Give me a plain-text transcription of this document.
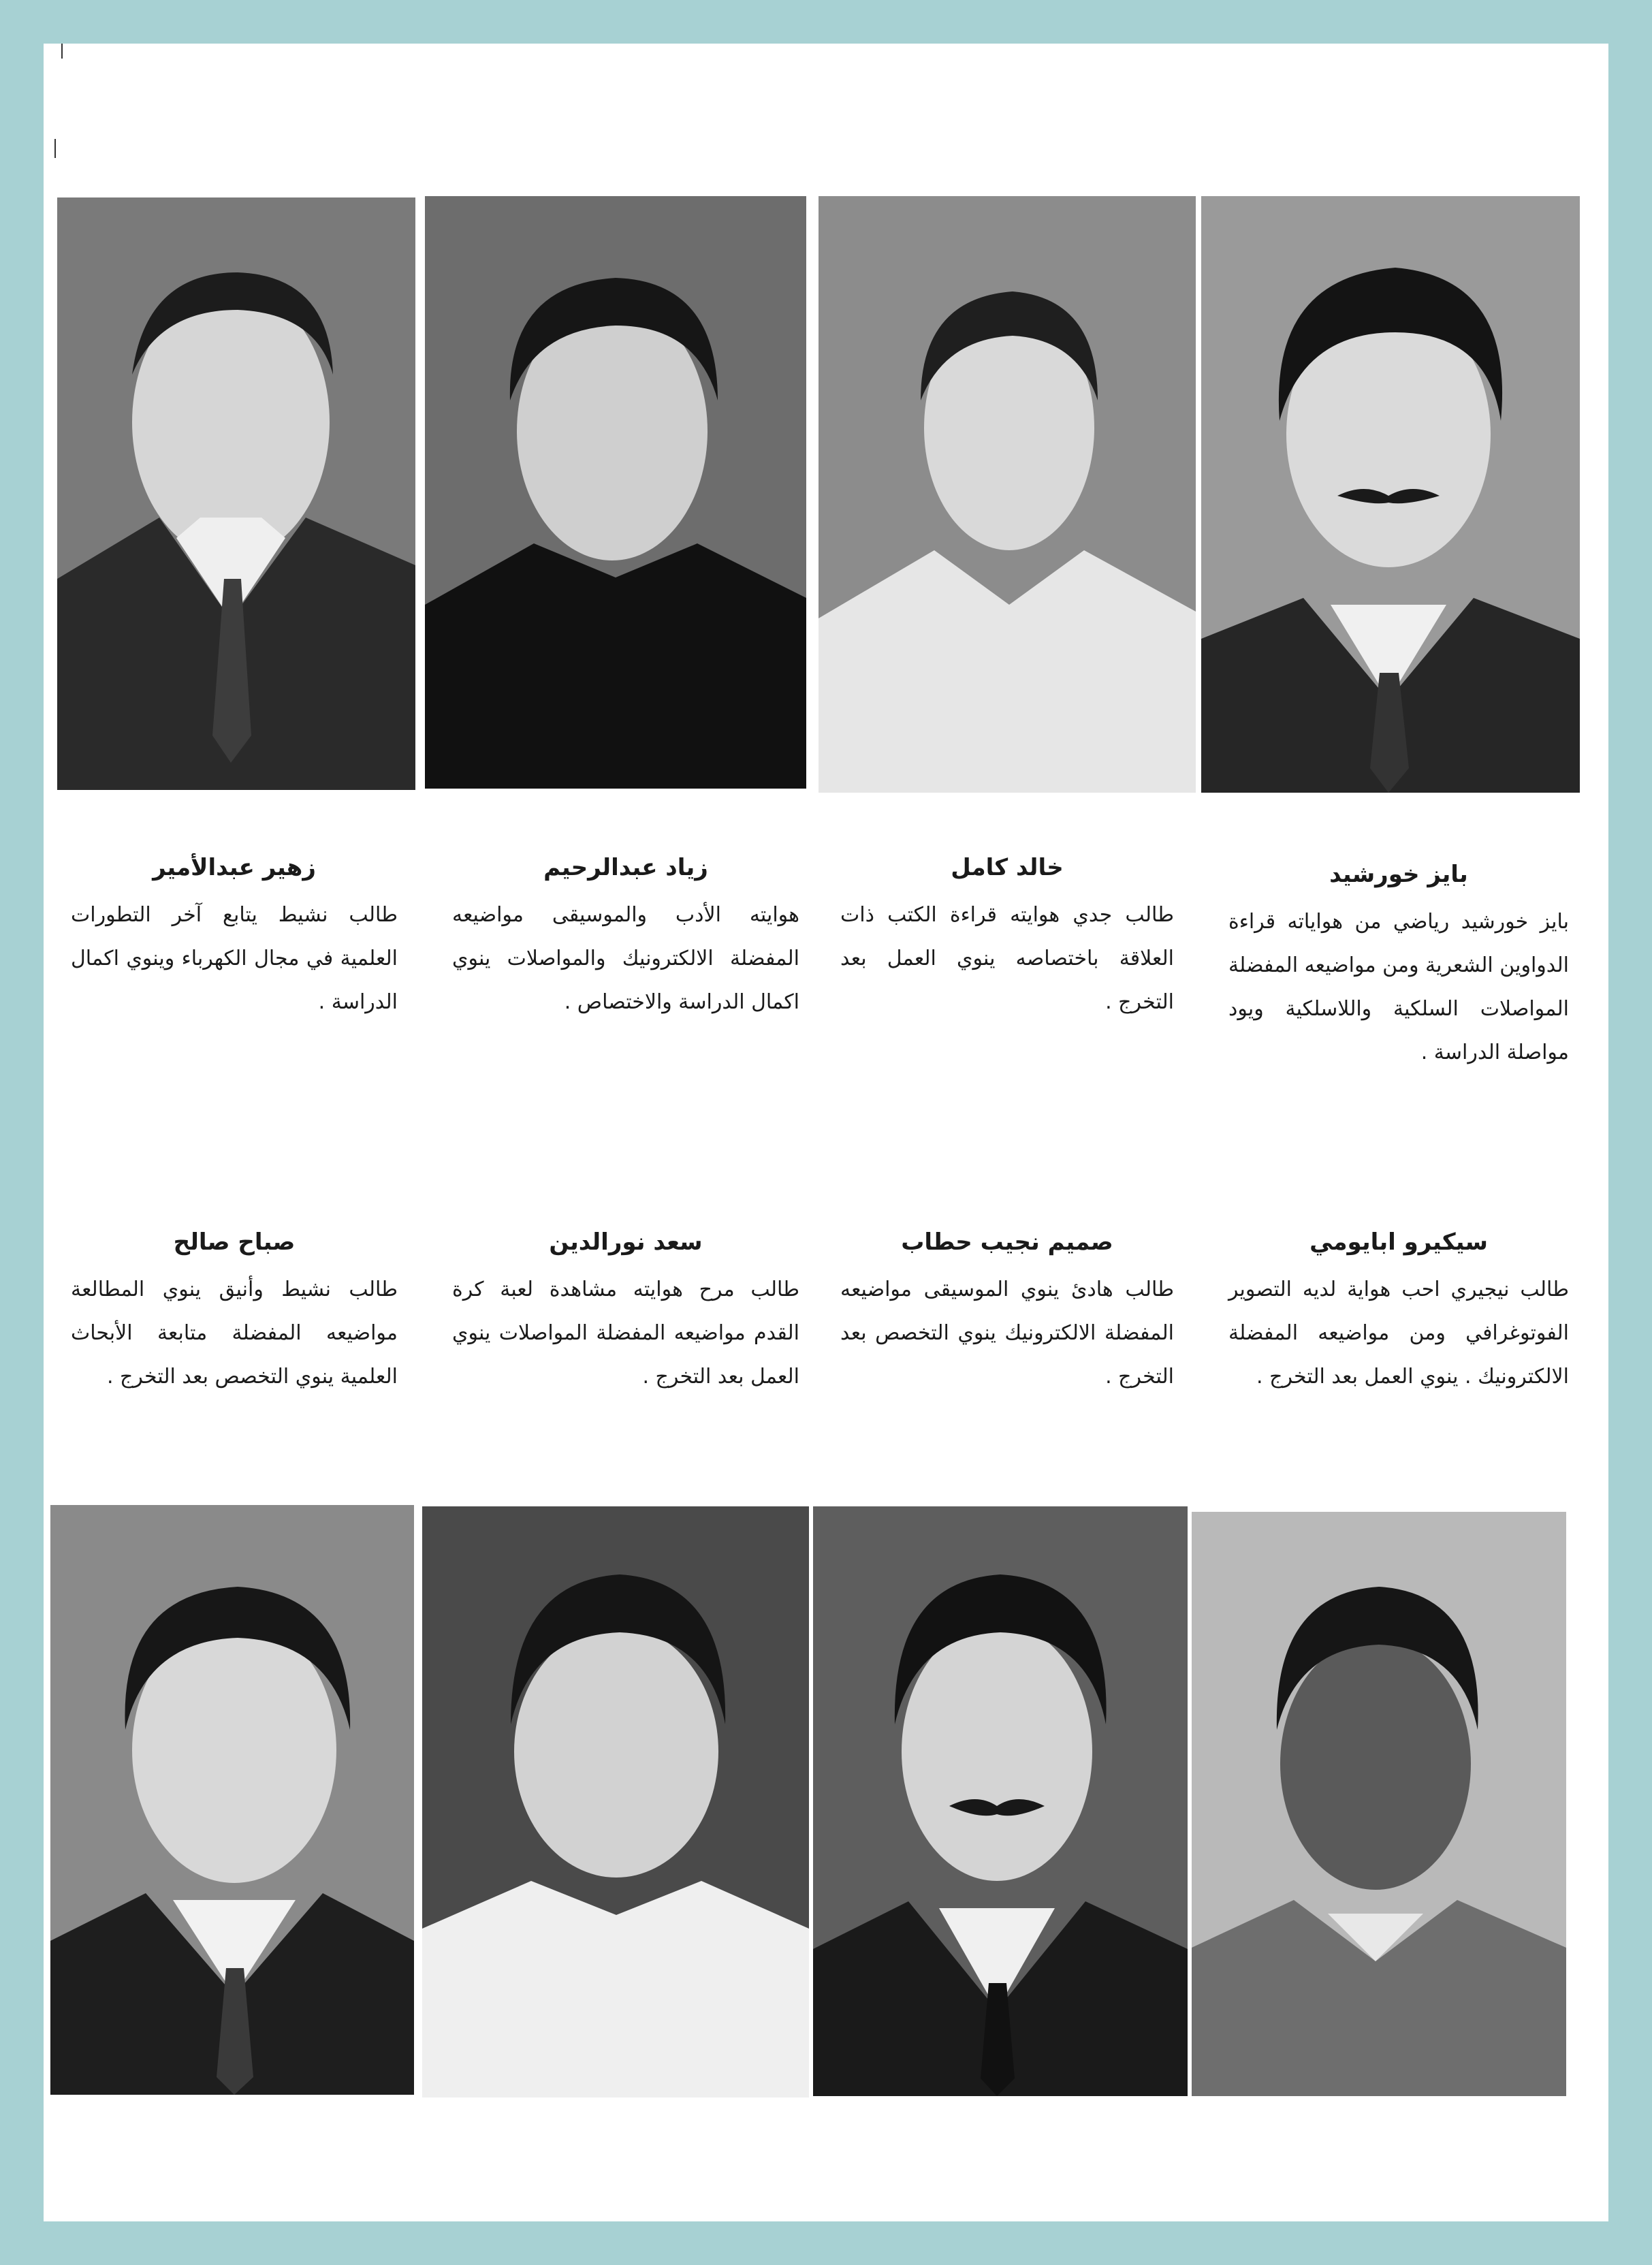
زهير عبدالأمير
طالب نشيط يتابع آخر التطورات العلمية في مجال الكهرباء وينوي اكمال الدراسة .
زياد عبدالرحيم
هوايته الأدب والموسيقى مواضيعه المفضلة الالكترونيك والمواصلات ينوي اكمال الدراسة والاختصاص .
خالد كامل
طالب جدي هوايته قراءة الكتب ذات العلاقة باختصاصه ينوي العمل بعد التخرج .
بايز خورشيد
بايز خورشيد رياضي من هواياته قراءة الدواوين الشعرية ومن مواضيعه المفضلة المواصلات السلكية واللاسلكية ويود مواصلة الدراسة .
صباح صالح
طالب نشيط وأنيق ينوي المطالعة مواضيعه المفضلة متابعة الأبحاث العلمية ينوي التخصص بعد التخرج .
سعد نورالدين
طالب مرح هوايته مشاهدة لعبة كرة القدم مواضيعه المفضلة المواصلات ينوي العمل بعد التخرج .
صميم نجيب حطاب
طالب هادئ ينوي الموسيقى مواضيعه المفضلة الالكترونيك ينوي التخصص بعد التخرج .
سيكيرو ابايومي
طالب نيجيري احب هواية لديه التصوير الفوتوغرافي ومن مواضيعه المفضلة الالكترونيك . ينوي العمل بعد التخرج .
